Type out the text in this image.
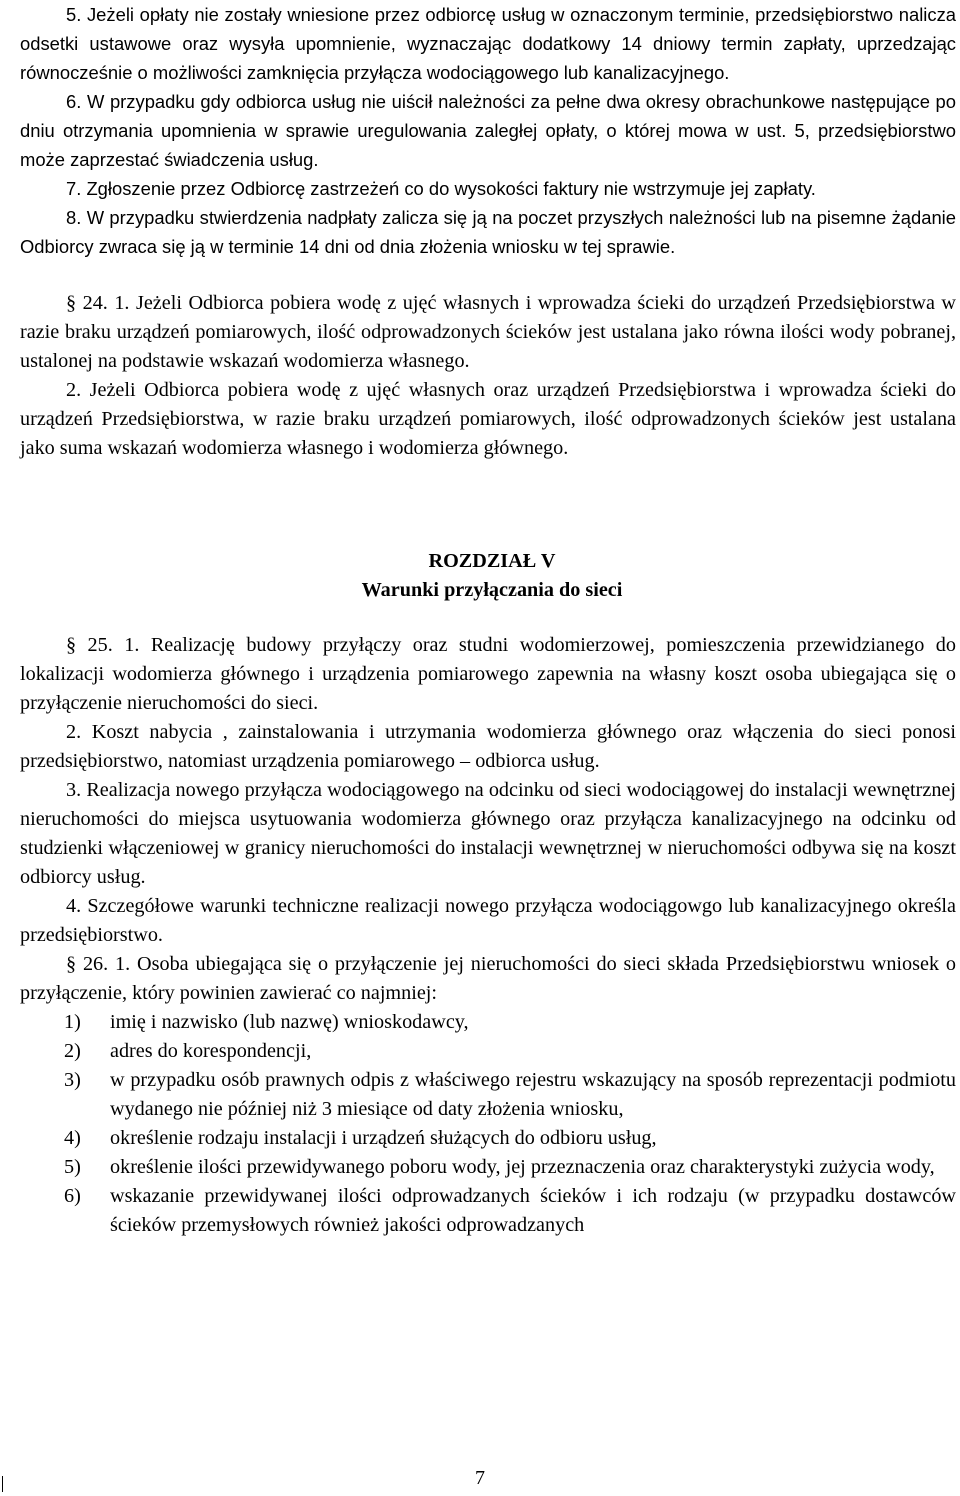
5. Jeżeli opłaty nie zostały wniesione przez odbiorcę usług w oznaczonym terminie, przedsiębiorstwo nalicza odsetki ustawowe oraz wysyła upomnienie, wyznaczając dodatkowy 14 dniowy termin zapłaty, uprzedzając równocześnie o możliwości zamknięcia przyłącza wodociągowego lub kanalizacyjnego.

6. W przypadku gdy odbiorca usług nie uiścił należności za pełne dwa okresy obrachunkowe następujące po dniu otrzymania upomnienia w sprawie uregulowania zaległej opłaty, o której mowa w ust. 5, przedsiębiorstwo może zaprzestać świadczenia usług.

7. Zgłoszenie przez Odbiorcę zastrzeżeń co do wysokości faktury nie wstrzymuje jej zapłaty.

8. W przypadku stwierdzenia nadpłaty zalicza się ją na poczet przyszłych należności lub na pisemne żądanie Odbiorcy zwraca się ją w terminie 14 dni od dnia złożenia wniosku w tej sprawie.

§ 24. 1. Jeżeli Odbiorca pobiera wodę z ujęć własnych i wprowadza ścieki do urządzeń Przedsiębiorstwa w razie braku urządzeń pomiarowych, ilość odprowadzonych ścieków jest ustalana jako równa ilości wody pobranej, ustalonej na podstawie wskazań wodomierza własnego.

2. Jeżeli Odbiorca pobiera wodę z ujęć własnych oraz urządzeń Przedsiębiorstwa i wprowadza ścieki do urządzeń Przedsiębiorstwa, w razie braku urządzeń pomiarowych, ilość odprowadzonych ścieków jest ustalana jako suma wskazań wodomierza własnego i wodomierza głównego.

ROZDZIAŁ V

Warunki przyłączania do sieci

§ 25. 1. Realizację budowy przyłączy oraz studni wodomierzowej, pomieszczenia przewidzianego do lokalizacji wodomierza głównego i urządzenia pomiarowego zapewnia na własny koszt osoba ubiegająca się o przyłączenie nieruchomości do sieci.

2. Koszt nabycia , zainstalowania i utrzymania wodomierza głównego oraz włączenia do sieci ponosi przedsiębiorstwo, natomiast urządzenia pomiarowego – odbiorca usług.

3. Realizacja nowego przyłącza wodociągowego na odcinku od sieci wodociągowej do instalacji wewnętrznej nieruchomości do miejsca usytuowania wodomierza głównego oraz przyłącza kanalizacyjnego na odcinku od studzienki włączeniowej w granicy nieruchomości do instalacji wewnętrznej w nieruchomości odbywa się na koszt odbiorcy usług.

4. Szczegółowe warunki techniczne realizacji nowego przyłącza wodociągowgo lub kanalizacyjnego określa przedsiębiorstwo.

§ 26. 1. Osoba ubiegająca się o przyłączenie jej nieruchomości do sieci składa Przedsiębiorstwu wniosek o przyłączenie, który powinien zawierać co najmniej:

1) imię i nazwisko (lub nazwę) wnioskodawcy,
2) adres do korespondencji,
3) w przypadku osób prawnych odpis z właściwego rejestru wskazujący na sposób reprezentacji podmiotu wydanego nie później niż 3 miesiące od daty złożenia wniosku,
4) określenie rodzaju instalacji i urządzeń służących do odbioru usług,
5) określenie ilości przewidywanego poboru wody, jej przeznaczenia oraz charakterystyki zużycia wody,
6) wskazanie przewidywanej ilości odprowadzanych ścieków i ich rodzaju (w przypadku dostawców ścieków przemysłowych również jakości odprowadzanych
7
